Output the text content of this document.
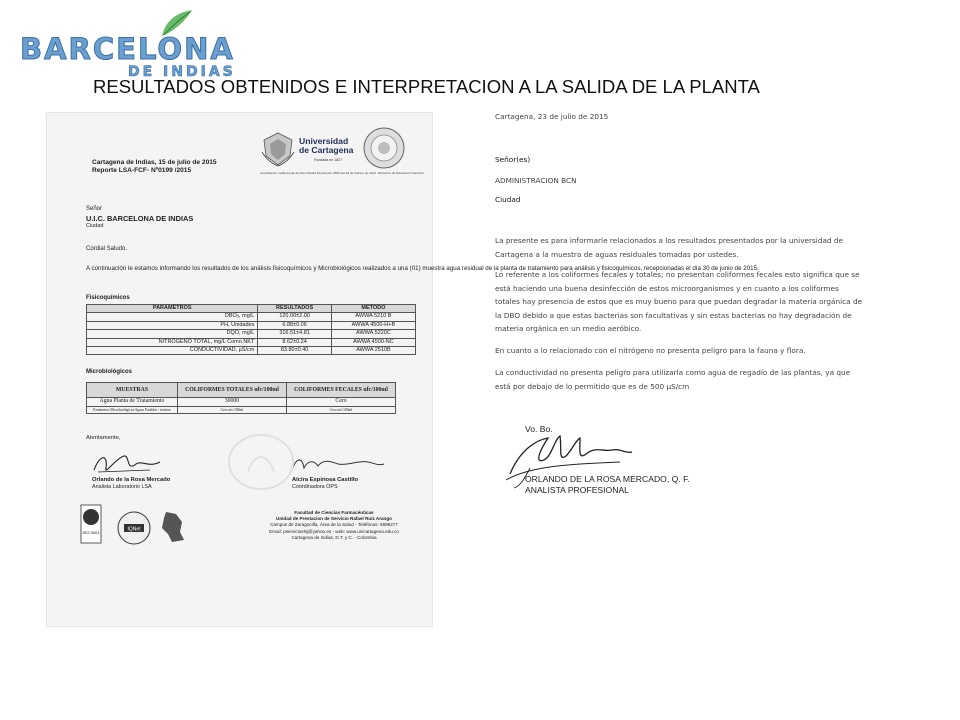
BARCELONA
DE INDIAS
RESULTADOS OBTENIDOS E INTERPRETACION A LA SALIDA DE LA PLANTA
Universidad
de Cartagena
Fundada en 1827
Acreditación Institucional de Alta Calidad Resolución 2583 del 26 de febrero de 2014. Ministerio de Educación Nacional
Cartagena de Indias, 15 de julio de 2015
Reporte LSA-FCF- Nº0199 /2015
Señor
U.I.C. BARCELONA DE INDIAS
Ciudad
Cordial Saludo.
A continuación le estamos informando los resultados de los análisis fisicoquímicos y Microbiológicos realizados a una (01) muestra agua residual de la planta de tratamiento para análisis y fisicoquímicos, recepcionadas el día 30 de junio de 2015.
Fisicoquímicos
PARAMETROS	RESULTADOS	METODO
DBO₅, mg/L	120.00±2.00	AWWA 5210 B
PH, Unidades	6.88±0.06	AWWA 4500-H+B
DQO, mg/L	316.51±4.81	AWWA 5220C
NITROGENO TOTAL, mg/L Como NKT	8.62±0.24	AWWA 4500-NC
CONDUCTIVIDAD, µS/cm	83.80±0.40	AWWA 2510B
Microbiológicos
MUESTRAS	COLIFORMES TOTALES ufc/100ml	COLIFORMES FECALES ufc/100ml
Agua Planta de Tratamiento	30000	Cero
Parámetros Microbiológicos Aguas Potables - testimo	Cero ufc/100ml	Cero ufc/100ml
Atentamente,
Orlando de la Rosa Mercado
Analista Laboratorio LSA
Alcira Espinosa Castillo
Coordinadora OPS
ISO 9001	IQNet
Facultad de Ciencias Farmacéuticas
Unidad de Prestacion de Servicio Rafael Ruiz Arango
Campus de Zaragocilla, Área de la Salud - Teléfonos: 6698277
Email: pservicioslsj@yahoo.es - web: www.unicartagena.edu.co
Cartagena de Indias, D.T. y C. - Colombia
Cartagena, 23 de julio de 2015
Señor(es)
ADMINISTRACION BCN
Ciudad
La presente es para informarle relacionados a los resultados presentados por la universidad de Cartagena a la muestra de aguas residuales tomadas por ustedes.
Lo referente a los coliformes fecales y totales; no presentan coliformes fecales esto significa que se está haciendo una buena desinfección de estos microorganismos y en cuanto a los coliformes totales hay presencia de estos que es muy bueno para que puedan degradar la materia orgánica de la DBO debido a que estas bacterias son facultativas y sin estas bacterias no hay degradación de materia orgánica en un medio aeróbico.
En cuanto a lo relacionado con el nitrógeno no presenta peligro para la fauna y flora.
La conductividad no presenta peligro para utilizarla como agua de regadío de las plantas, ya que está por debajo de lo permitido que es de 500 µS/cm
Vo. Bo.
ORLANDO DE LA ROSA MERCADO, Q. F.
ANALISTA PROFESIONAL
